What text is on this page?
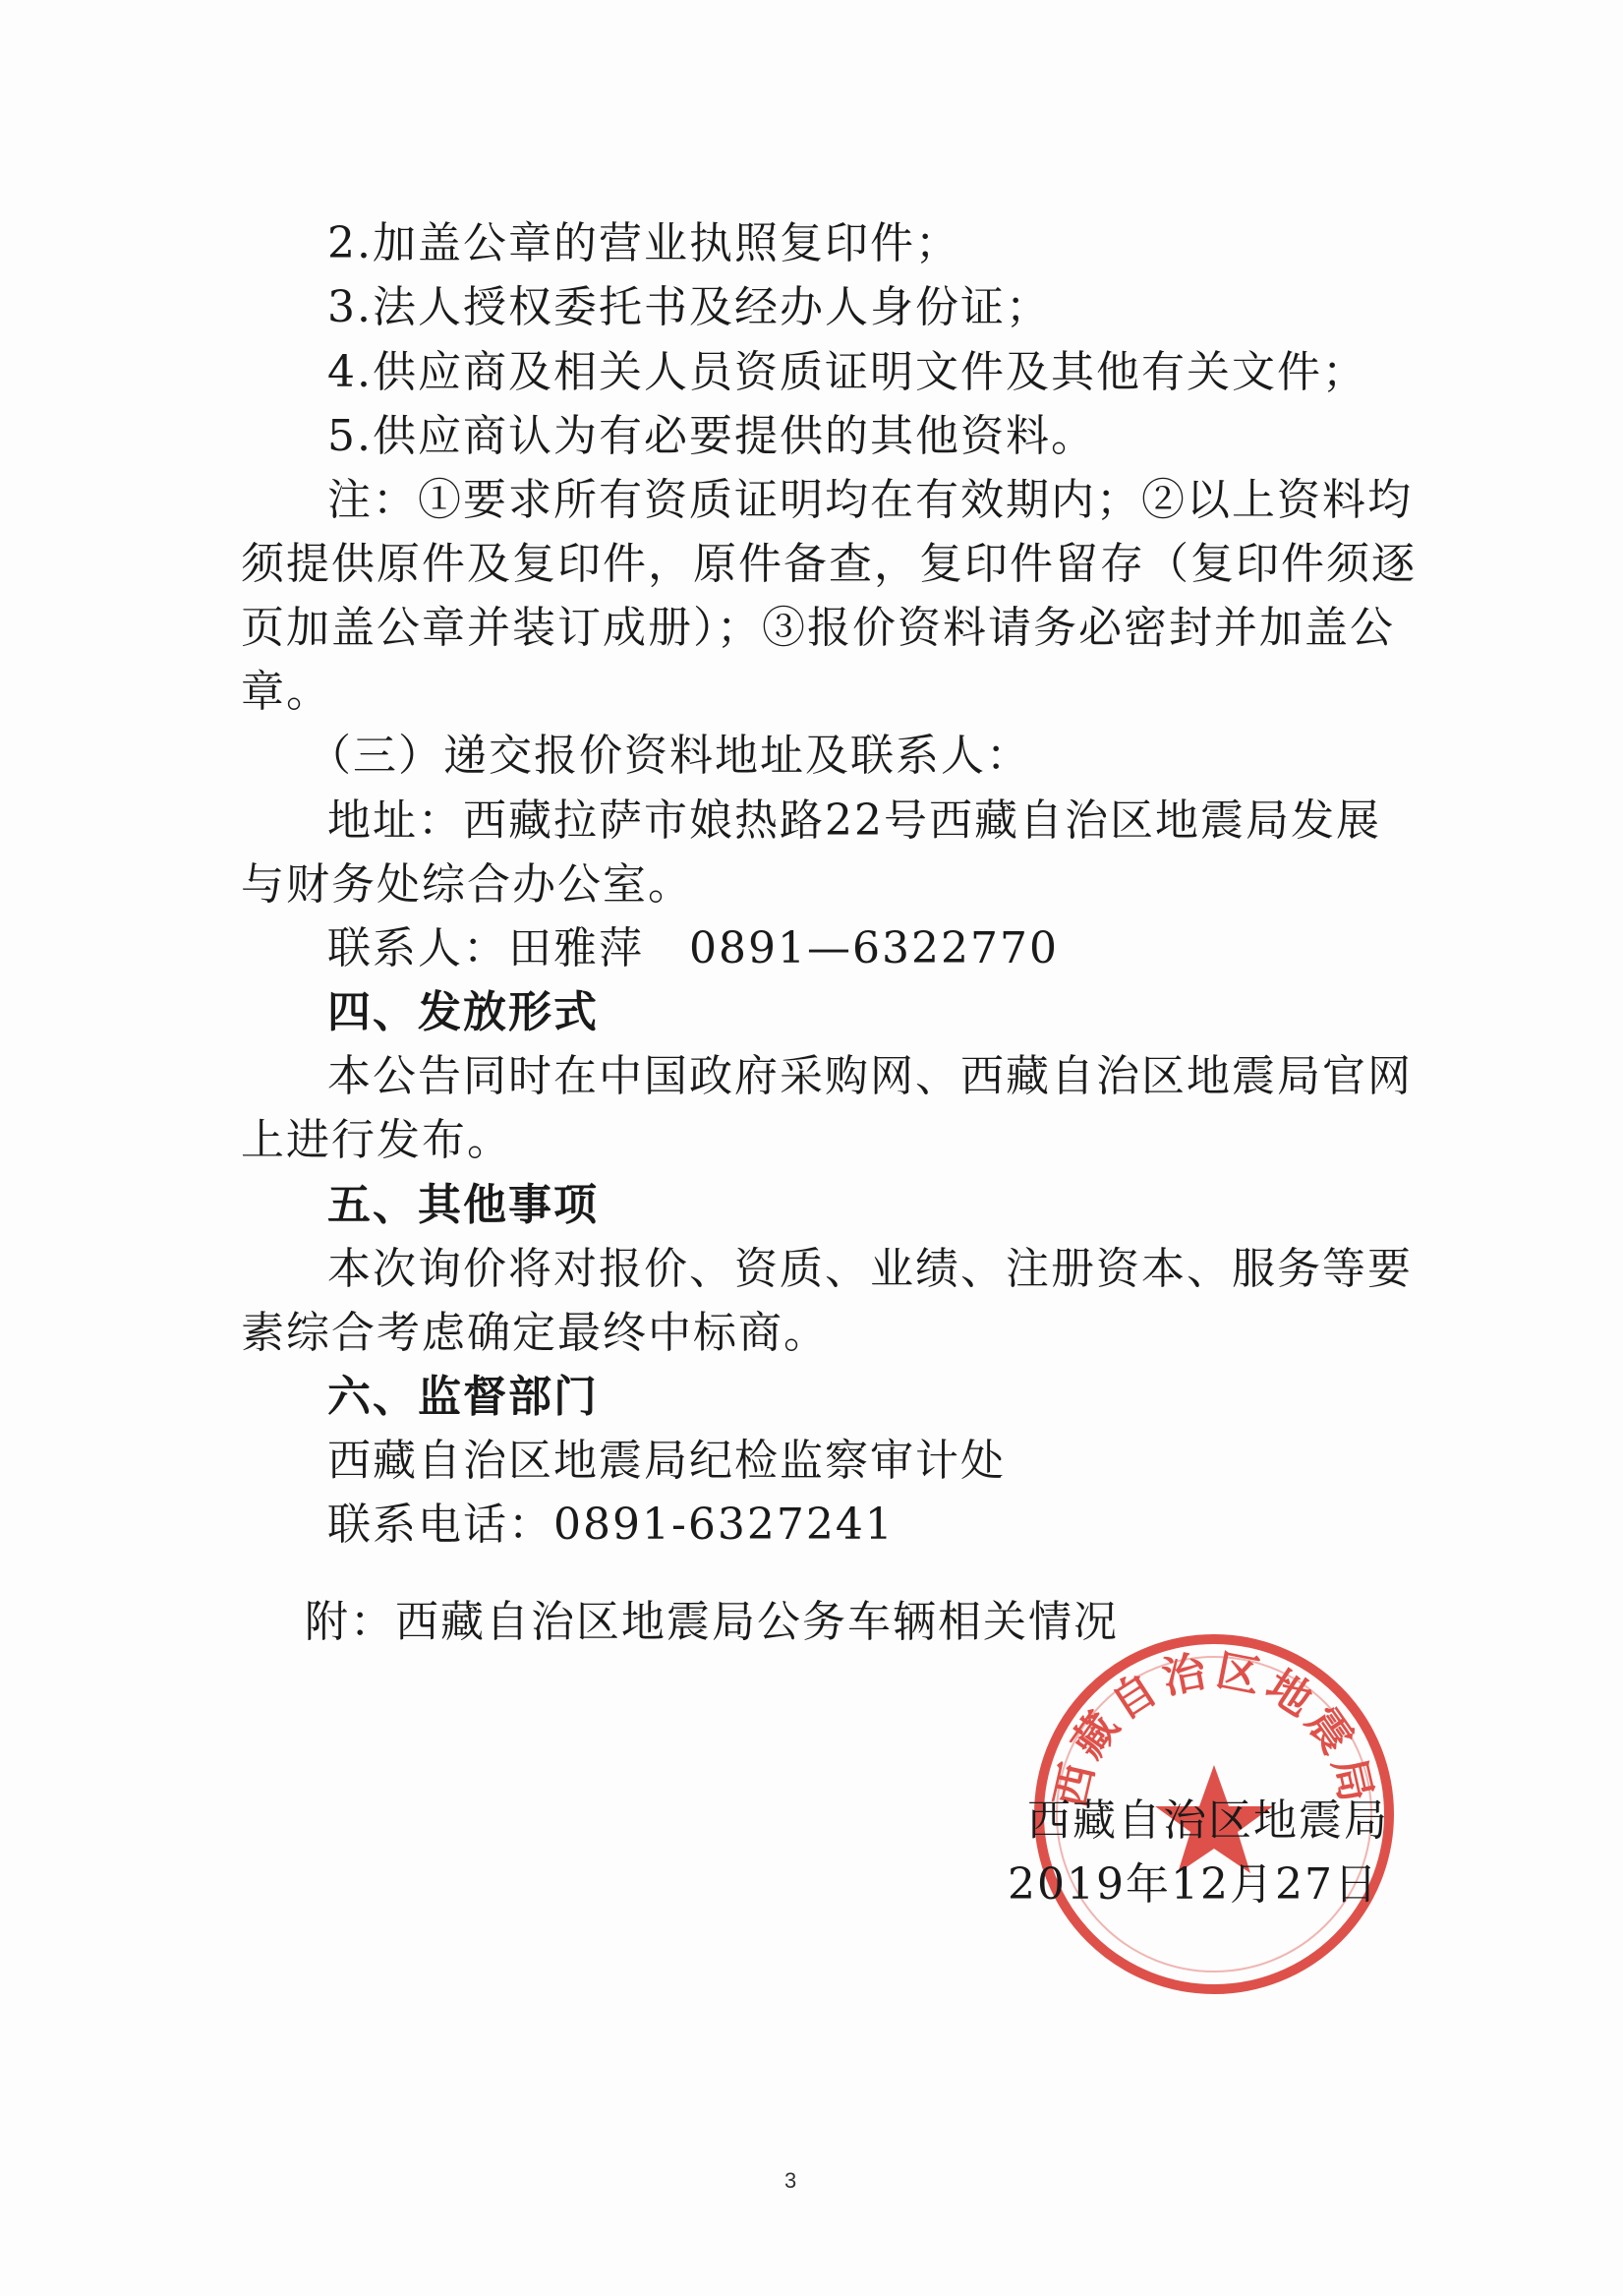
2.加盖公章的营业执照复印件；
3.法人授权委托书及经办人身份证；
4.供应商及相关人员资质证明文件及其他有关文件；
5.供应商认为有必要提供的其他资料。
注：①要求所有资质证明均在有效期内；②以上资料均
须提供原件及复印件，原件备查，复印件留存（复印件须逐
页加盖公章并装订成册）；③报价资料请务必密封并加盖公
章。
（三）递交报价资料地址及联系人：
地址：西藏拉萨市娘热路22号西藏自治区地震局发展
与财务处综合办公室。
联系人：田雅萍　0891—6322770
四、发放形式
本公告同时在中国政府采购网、西藏自治区地震局官网
上进行发布。
五、其他事项
本次询价将对报价、资质、业绩、注册资本、服务等要
素综合考虑确定最终中标商。
六、监督部门
西藏自治区地震局纪检监察审计处
联系电话：0891-6327241
附：西藏自治区地震局公务车辆相关情况
西藏自治区地震局
西藏自治区地震局
2019年12月27日
3
